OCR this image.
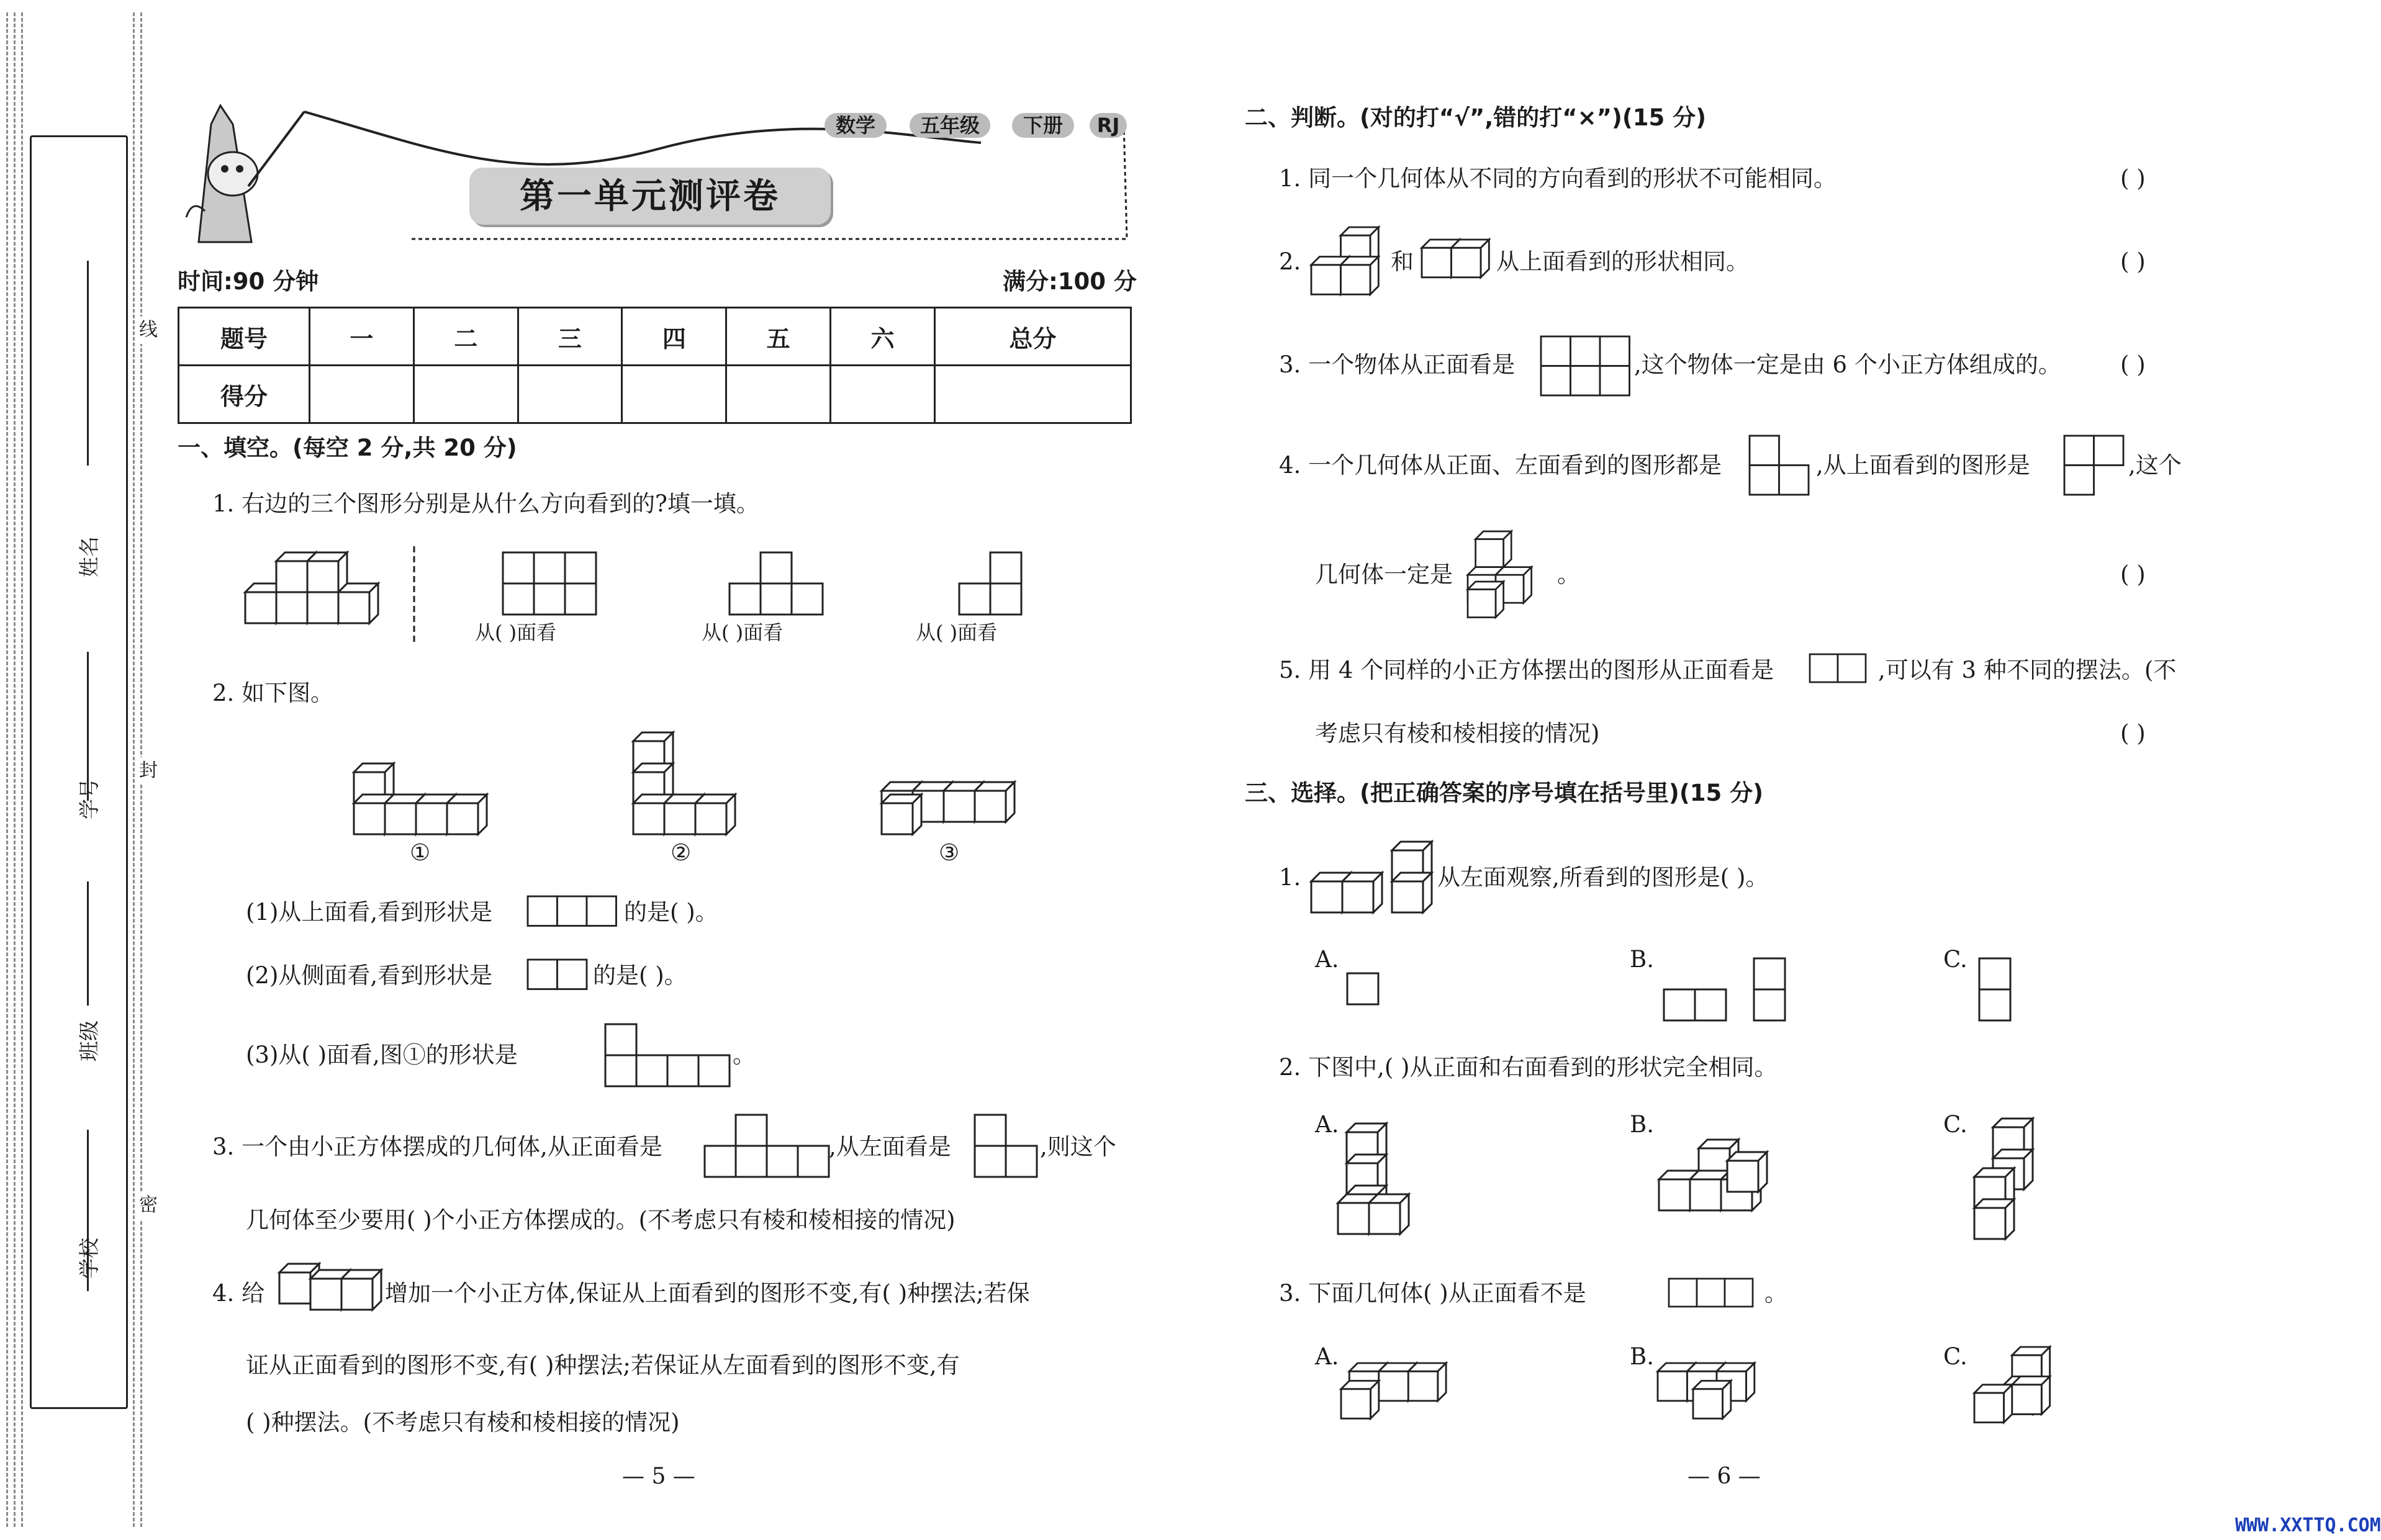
学校
班级
学号
姓名
线
封
密
数学	五年级	下册	RJ
第一单元测评卷
时间:90 分钟	满分:100 分
题号	一	二	三	四	五	六	总分
得分							
一、填空。(每空 2 分,共 20 分)
1. 右边的三个图形分别是从什么方向看到的?填一填。
从( )面看	从( )面看	从( )面看
2. 如下图。
①	②	③
(1)从上面看,看到形状是	的是( )。
(2)从侧面看,看到形状是	的是( )。
(3)从( )面看,图①的形状是	。
3. 一个由小正方体摆成的几何体,从正面看是	,从左面看是	,则这个
几何体至少要用( )个小正方体摆成的。(不考虑只有棱和棱相接的情况)
4. 给	增加一个小正方体,保证从上面看到的图形不变,有( )种摆法;若保
证从正面看到的图形不变,有( )种摆法;若保证从左面看到的图形不变,有
( )种摆法。(不考虑只有棱和棱相接的情况)
— 5 —
二、判断。(对的打“√”,错的打“×”)(15 分)
1. 同一个几何体从不同的方向看到的形状不可能相同。	( )
2.	和	从上面看到的形状相同。	( )
3. 一个物体从正面看是	,这个物体一定是由 6 个小正方体组成的。	( )
4. 一个几何体从正面、左面看到的图形都是	,从上面看到的图形是	,这个
几何体一定是	。	( )
5. 用 4 个同样的小正方体摆出的图形从正面看是	,可以有 3 种不同的摆法。(不
考虑只有棱和棱相接的情况)	( )
三、选择。(把正确答案的序号填在括号里)(15 分)
1.	从左面观察,所看到的图形是( )。
A.	B.	C.
2. 下图中,( )从正面和右面看到的形状完全相同。
A.	B.	C.
3. 下面几何体( )从正面看不是	。
A.	B.	C.
— 6 —
WWW.XXTTQ.COM
